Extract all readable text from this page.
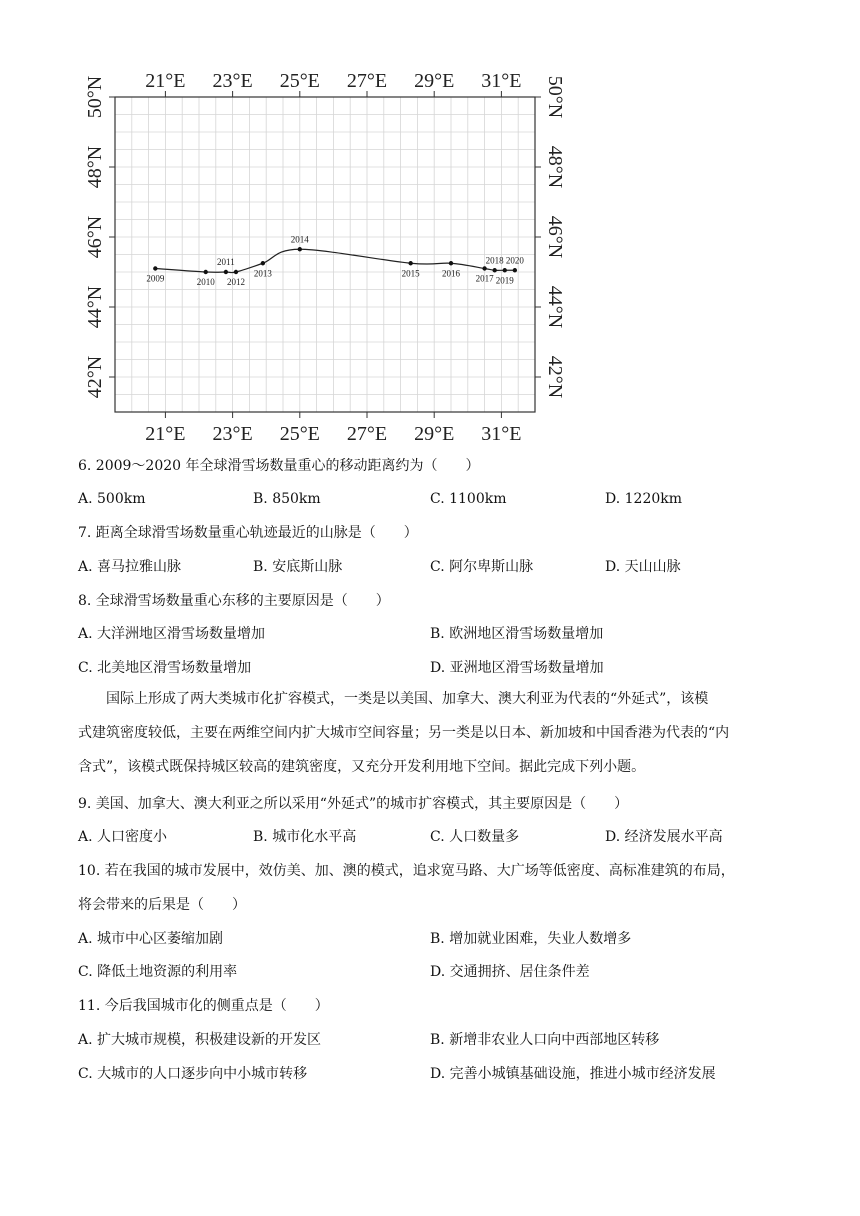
21°E
21°E
23°E
23°E
25°E
25°E
27°E
27°E
29°E
29°E
31°E
31°E
50°N	50°N
48°N	48°N
46°N	46°N
44°N	44°N
42°N	42°N
2009	2010
2011
2012
2013
2014
2015 2016
2017
2018
2019
2020
6. 2009～2020 年全球滑雪场数量重心的移动距离约为（　　）
A. 500km	B. 850km	C. 1100km	D. 1220km
7. 距离全球滑雪场数量重心轨迹最近的山脉是（　　）
A. 喜马拉雅山脉	B. 安底斯山脉	C. 阿尔卑斯山脉	D. 天山山脉
8. 全球滑雪场数量重心东移的主要原因是（　　）
A. 大洋洲地区滑雪场数量增加	B. 欧洲地区滑雪场数量增加
C. 北美地区滑雪场数量增加	D. 亚洲地区滑雪场数量增加
国际上形成了两大类城市化扩容模式，一类是以美国、加拿大、澳大利亚为代表的“外延式”，该模
式建筑密度较低，主要在两维空间内扩大城市空间容量；另一类是以日本、新加坡和中国香港为代表的“内
含式”，该模式既保持城区较高的建筑密度，又充分开发利用地下空间。据此完成下列小题。
9. 美国、加拿大、澳大利亚之所以采用“外延式”的城市扩容模式，其主要原因是（　　）
A. 人口密度小	B. 城市化水平高	C. 人口数量多	D. 经济发展水平高
10. 若在我国的城市发展中，效仿美、加、澳的模式，追求宽马路、大广场等低密度、高标准建筑的布局，
将会带来的后果是（　　）
A. 城市中心区萎缩加剧	B. 增加就业困难，失业人数增多
C. 降低土地资源的利用率	D. 交通拥挤、居住条件差
11. 今后我国城市化的侧重点是（　　）
A. 扩大城市规模，积极建设新的开发区	B. 新增非农业人口向中西部地区转移
C. 大城市的人口逐步向中小城市转移	D. 完善小城镇基础设施，推进小城市经济发展
